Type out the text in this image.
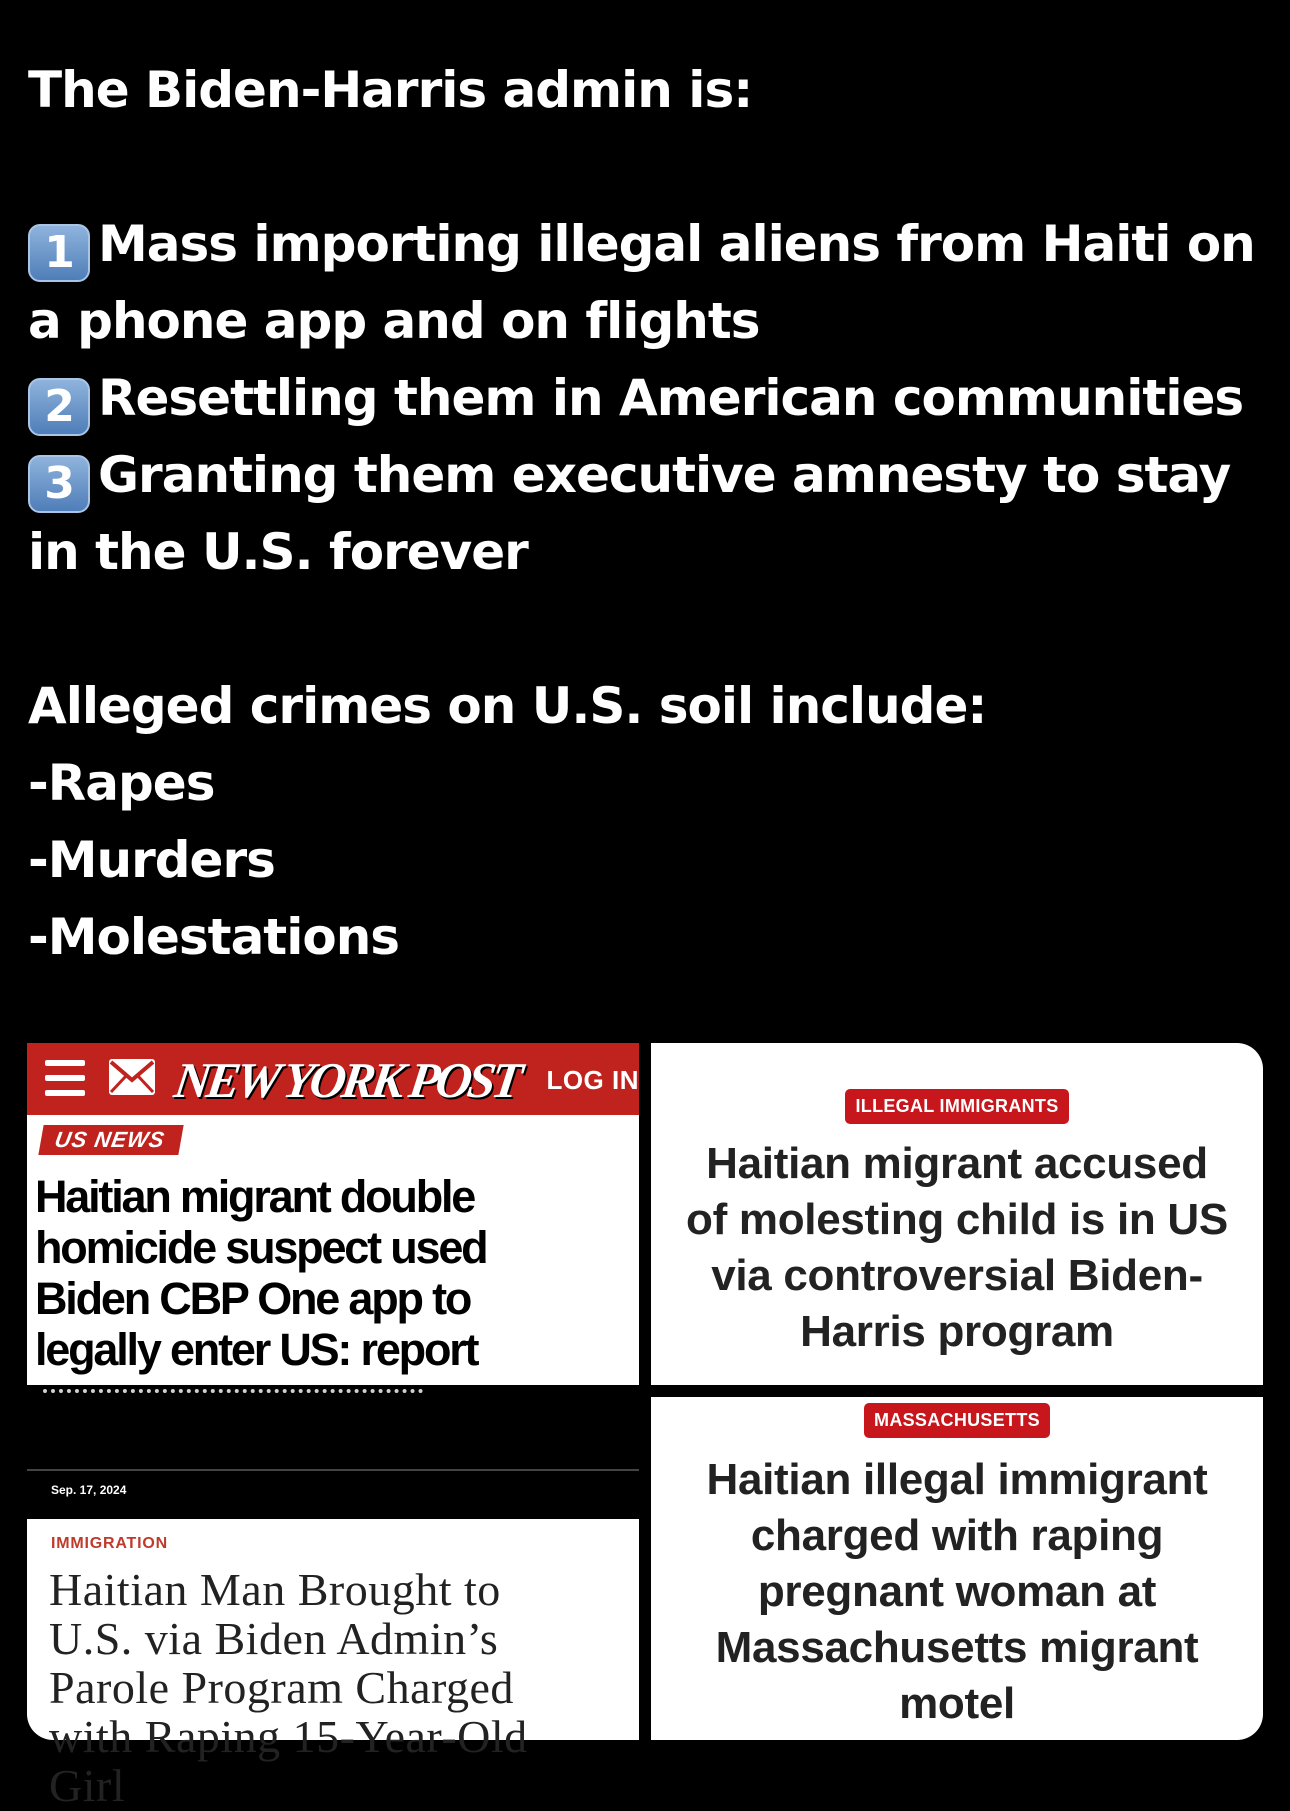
The Biden-Harris admin is:
1 Mass importing illegal aliens from Haiti on
a phone app and on flights
2 Resettling them in American communities
3 Granting them executive amnesty to stay
in the U.S. forever
Alleged crimes on U.S. soil include:
-Rapes
-Murders
-Molestations
NEW YORK POST LOG IN
US NEWS
Haitian migrant double
homicide suspect used
Biden CBP One app to
legally enter US: report
ILLEGAL IMMIGRANTS
Haitian migrant accused
of molesting child is in US
via controversial Biden-
Harris program
Sep. 17, 2024
IMMIGRATION
Haitian Man Brought to
U.S. via Biden Admin’s
Parole Program Charged
with Raping 15-Year-Old
Girl
MASSACHUSETTS
Haitian illegal immigrant
charged with raping
pregnant woman at
Massachusetts migrant
motel
